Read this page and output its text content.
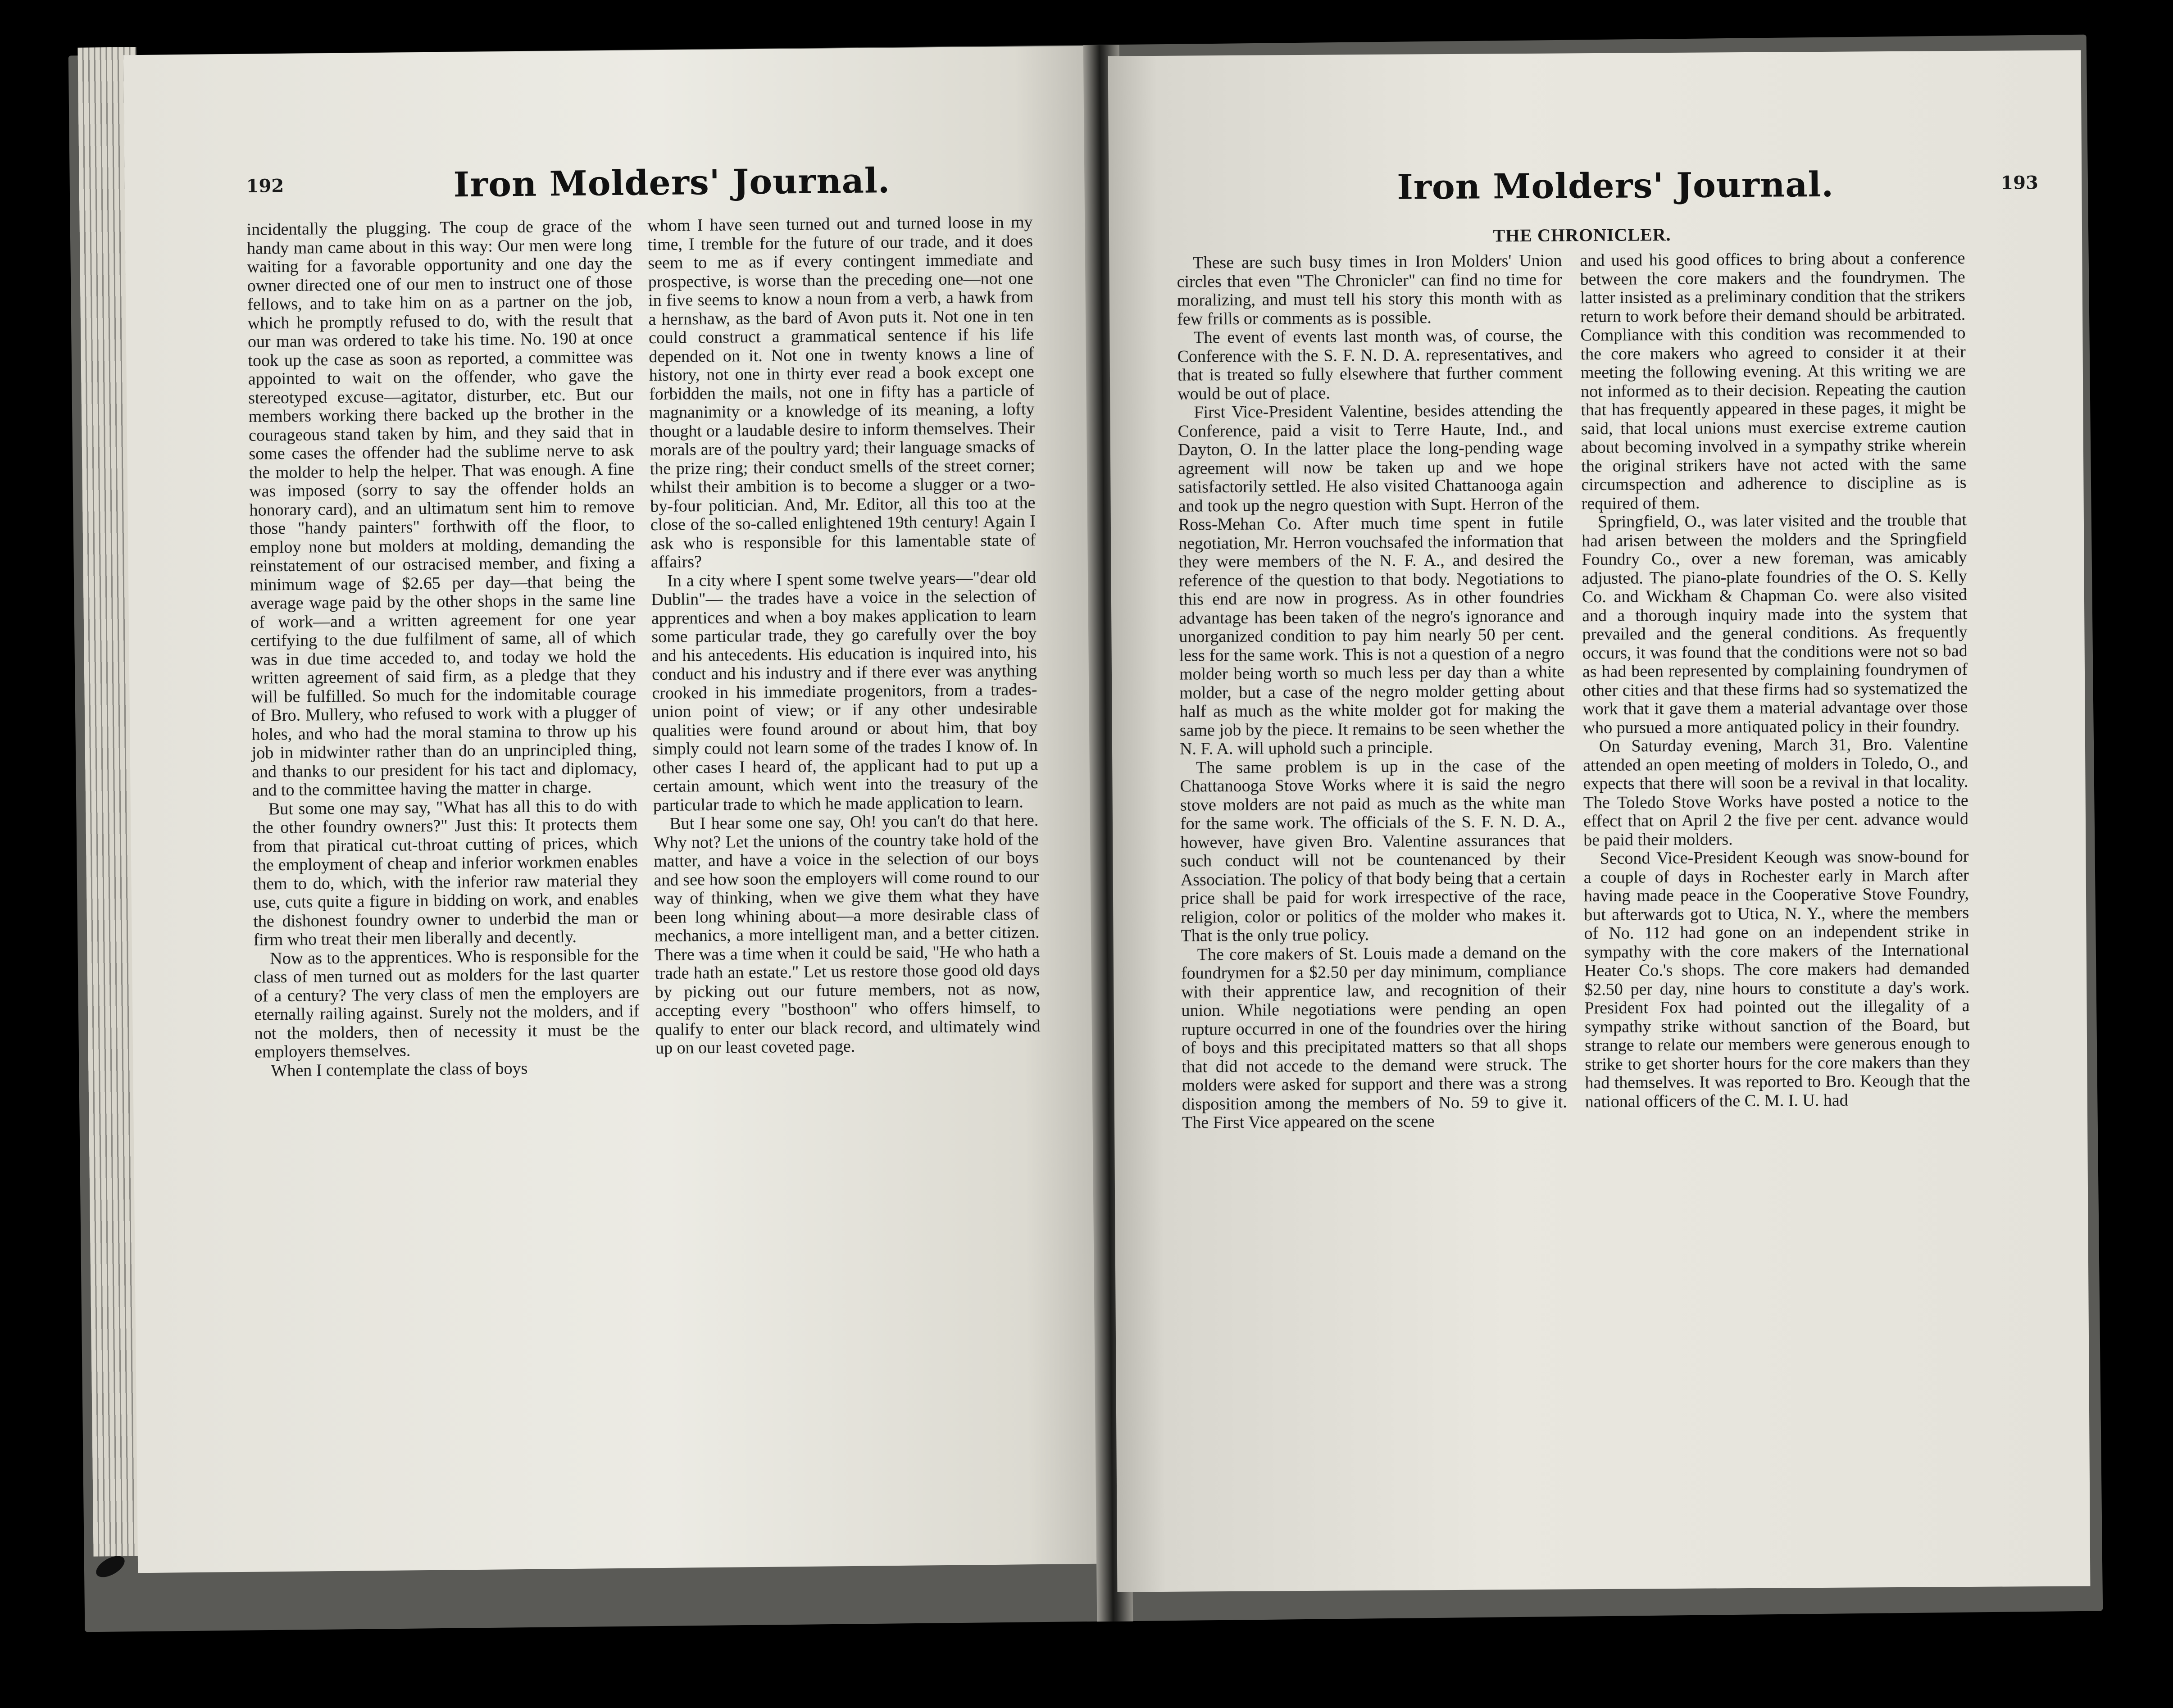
192	Iron Molders' Journal.

incidentally the plugging. The coup de grace of the handy man came about in this way: Our men were long waiting for a favorable opportunity and one day the owner directed one of our men to instruct one of those fellows, and to take him on as a partner on the job, which he promptly refused to do, with the result that our man was ordered to take his time. No. 190 at once took up the case as soon as reported, a committee was appointed to wait on the offender, who gave the stereotyped excuse—agitator, disturber, etc. But our members working there backed up the brother in the courageous stand taken by him, and they said that in some cases the offender had the sublime nerve to ask the molder to help the helper. That was enough. A fine was imposed (sorry to say the offender holds an honorary card), and an ultimatum sent him to remove those "handy painters" forthwith off the floor, to employ none but molders at molding, demanding the reinstatement of our ostracised member, and fixing a minimum wage of $2.65 per day—that being the average wage paid by the other shops in the same line of work—and a written agreement for one year certifying to the due fulfilment of same, all of which was in due time acceded to, and today we hold the written agreement of said firm, as a pledge that they will be fulfilled. So much for the indomitable courage of Bro. Mullery, who refused to work with a plugger of holes, and who had the moral stamina to throw up his job in midwinter rather than do an unprincipled thing, and thanks to our president for his tact and diplomacy, and to the committee having the matter in charge.

But some one may say, "What has all this to do with the other foundry owners?" Just this: It protects them from that piratical cut-throat cutting of prices, which the employment of cheap and inferior workmen enables them to do, which, with the inferior raw material they use, cuts quite a figure in bidding on work, and enables the dishonest foundry owner to underbid the man or firm who treat their men liberally and decently.

Now as to the apprentices. Who is responsible for the class of men turned out as molders for the last quarter of a century? The very class of men the employers are eternally railing against. Surely not the molders, and if not the molders, then of necessity it must be the employers themselves.

When I contemplate the class of boys

whom I have seen turned out and turned loose in my time, I tremble for the future of our trade, and it does seem to me as if every contingent immediate and prospective, is worse than the preceding one—not one in five seems to know a noun from a verb, a hawk from a hernshaw, as the bard of Avon puts it. Not one in ten could construct a grammatical sentence if his life depended on it. Not one in twenty knows a line of history, not one in thirty ever read a book except one forbidden the mails, not one in fifty has a particle of magnanimity or a knowledge of its meaning, a lofty thought or a laudable desire to inform themselves. Their morals are of the poultry yard; their language smacks of the prize ring; their conduct smells of the street corner; whilst their ambition is to become a slugger or a two-by-four politician. And, Mr. Editor, all this too at the close of the so-called enlightened 19th century! Again I ask who is responsible for this lamentable state of affairs?

In a city where I spent some twelve years—"dear old Dublin"— the trades have a voice in the selection of apprentices and when a boy makes application to learn some particular trade, they go carefully over the boy and his antecedents. His education is inquired into, his conduct and his industry and if there ever was anything crooked in his immediate progenitors, from a trades-union point of view; or if any other undesirable qualities were found around or about him, that boy simply could not learn some of the trades I know of. In other cases I heard of, the applicant had to put up a certain amount, which went into the treasury of the particular trade to which he made application to learn.

But I hear some one say, Oh! you can't do that here. Why not? Let the unions of the country take hold of the matter, and have a voice in the selection of our boys and see how soon the employers will come round to our way of thinking, when we give them what they have been long whining about—a more desirable class of mechanics, a more intelligent man, and a better citizen. There was a time when it could be said, "He who hath a trade hath an estate." Let us restore those good old days by picking out our future members, not as now, accepting every "bosthoon" who offers himself, to qualify to enter our black record, and ultimately wind up on our least coveted page.

Iron Molders' Journal.	193
THE CHRONICLER.

These are such busy times in Iron Molders' Union circles that even "The Chronicler" can find no time for moralizing, and must tell his story this month with as few frills or comments as is possible.

The event of events last month was, of course, the Conference with the S. F. N. D. A. representatives, and that is treated so fully elsewhere that further comment would be out of place.

First Vice-President Valentine, besides attending the Conference, paid a visit to Terre Haute, Ind., and Dayton, O. In the latter place the long-pending wage agreement will now be taken up and we hope satisfactorily settled. He also visited Chattanooga again and took up the negro question with Supt. Herron of the Ross-Mehan Co. After much time spent in futile negotiation, Mr. Herron vouchsafed the information that they were members of the N. F. A., and desired the reference of the question to that body. Negotiations to this end are now in progress. As in other foundries advantage has been taken of the negro's ignorance and unorganized condition to pay him nearly 50 per cent. less for the same work. This is not a question of a negro molder being worth so much less per day than a white molder, but a case of the negro molder getting about half as much as the white molder got for making the same job by the piece. It remains to be seen whether the N. F. A. will uphold such a principle.

The same problem is up in the case of the Chattanooga Stove Works where it is said the negro stove molders are not paid as much as the white man for the same work. The officials of the S. F. N. D. A., however, have given Bro. Valentine assurances that such conduct will not be countenanced by their Association. The policy of that body being that a certain price shall be paid for work irrespective of the race, religion, color or politics of the molder who makes it. That is the only true policy.

The core makers of St. Louis made a demand on the foundrymen for a $2.50 per day minimum, compliance with their apprentice law, and recognition of their union. While negotiations were pending an open rupture occurred in one of the foundries over the hiring of boys and this precipitated matters so that all shops that did not accede to the demand were struck. The molders were asked for support and there was a strong disposition among the members of No. 59 to give it. The First Vice appeared on the scene

and used his good offices to bring about a conference between the core makers and the foundrymen. The latter insisted as a preliminary condition that the strikers return to work before their demand should be arbitrated. Compliance with this condition was recommended to the core makers who agreed to consider it at their meeting the following evening. At this writing we are not informed as to their decision. Repeating the caution that has frequently appeared in these pages, it might be said, that local unions must exercise extreme caution about becoming involved in a sympathy strike wherein the original strikers have not acted with the same circumspection and adherence to discipline as is required of them.

Springfield, O., was later visited and the trouble that had arisen between the molders and the Springfield Foundry Co., over a new foreman, was amicably adjusted. The piano-plate foundries of the O. S. Kelly Co. and Wickham & Chapman Co. were also visited and a thorough inquiry made into the system that prevailed and the general conditions. As frequently occurs, it was found that the conditions were not so bad as had been represented by complaining foundrymen of other cities and that these firms had so systematized the work that it gave them a material advantage over those who pursued a more antiquated policy in their foundry.

On Saturday evening, March 31, Bro. Valentine attended an open meeting of molders in Toledo, O., and expects that there will soon be a revival in that locality. The Toledo Stove Works have posted a notice to the effect that on April 2 the five per cent. advance would be paid their molders.

Second Vice-President Keough was snow-bound for a couple of days in Rochester early in March after having made peace in the Cooperative Stove Foundry, but afterwards got to Utica, N. Y., where the members of No. 112 had gone on an independent strike in sympathy with the core makers of the International Heater Co.'s shops. The core makers had demanded $2.50 per day, nine hours to constitute a day's work. President Fox had pointed out the illegality of a sympathy strike without sanction of the Board, but strange to relate our members were generous enough to strike to get shorter hours for the core makers than they had themselves. It was reported to Bro. Keough that the national officers of the C. M. I. U. had
